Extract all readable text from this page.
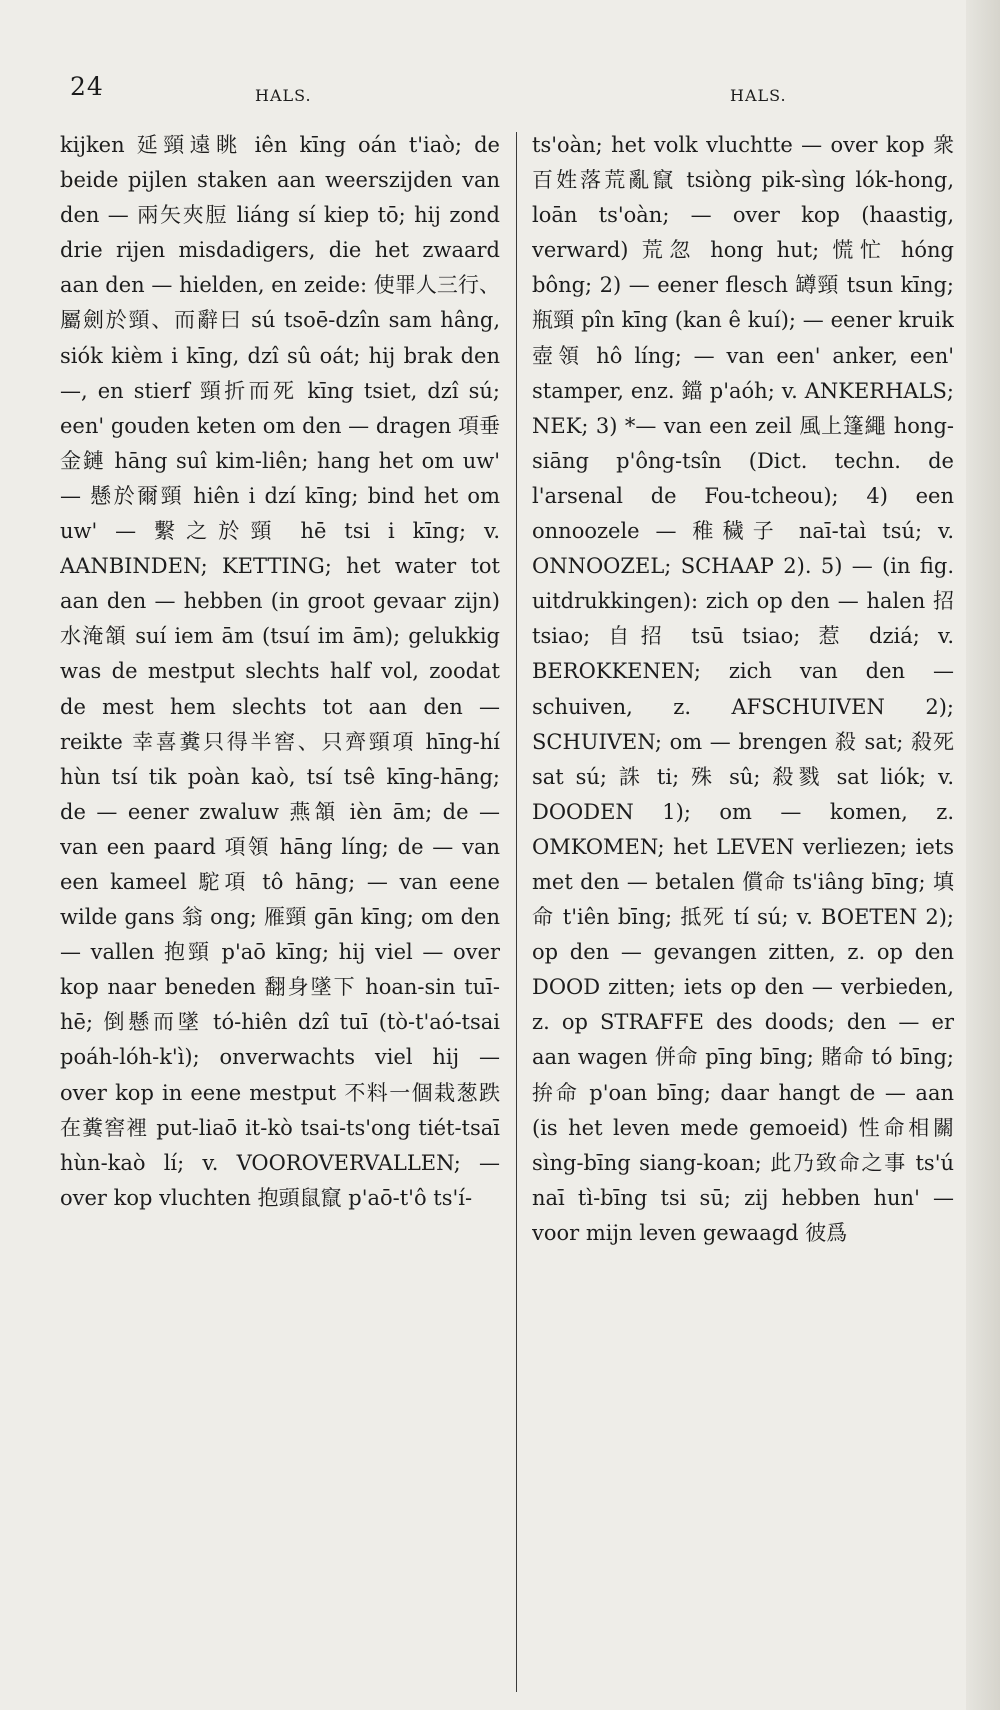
24	HALS.	HALS.

kijken 延頸遠眺 iên kīng oán t'iaò; de beide pijlen staken aan weerszijden van den — 兩矢夾脰 liáng sí kiep tō; hij zond drie rijen misdadigers, die het zwaard aan den — hielden, en zeide: 使罪人三行、屬劍於頸、而辭曰 sú tsoē-dzîn sam hâng, siók kièm i kīng, dzî sû oát; hij brak den —, en stierf 頸折而死 kīng tsiet, dzî sú; een' gouden keten om den — dragen 項垂金鏈 hāng suî kim-liên; hang het om uw' — 懸於爾頸 hiên i dzí kīng; bind het om uw' — 繫之於頸 hē tsi i kīng; v. AANBINDEN; KETTING; het water tot aan den — hebben (in groot gevaar zijn) 水淹頷 suí iem ām (tsuí im ām); gelukkig was de mestput slechts half vol, zoodat de mest hem slechts tot aan den — reikte 幸喜糞只得半窖、只齊頸項 hīng-hí hùn tsí tik poàn kaò, tsí tsê kīng-hāng; de — eener zwaluw 燕頷 ièn ām; de — van een paard 項領 hāng líng; de — van een kameel 駝項 tô hāng; — van eene wilde gans 翁 ong; 雁頸 gān kīng; om den — vallen 抱頸 p'aō kīng; hij viel — over kop naar beneden 翻身墜下 hoan-sin tuī-hē; 倒懸而墜 tó-hiên dzî tuī (tò-t'aó-tsai poáh-lóh-k'ì); onverwachts viel hij — over kop in eene mestput 不料一個栽葱跌在糞窖裡 put-liaō it-kò tsai-ts'ong tiét-tsaī hùn-kaò lí; v. VOOROVERVALLEN; — over kop vluchten 抱頭鼠竄 p'aō-t'ô ts'í-

ts'oàn; het volk vluchtte — over kop 衆百姓落荒亂竄 tsiòng pik-sìng lók-hong, loān ts'oàn; — over kop (haastig, verward) 荒忽 hong hut; 慌忙 hóng bông; 2) — eener flesch 罇頸 tsun kīng; 瓶頸 pîn kīng (kan ê kuí); — eener kruik 壺領 hô líng; — van een' anker, een' stamper, enz. 鐺 p'aóh; v. ANKERHALS; NEK; 3) *— van een zeil 風上篷繩 hong-siāng p'ông-tsîn (Dict. techn. de l'arsenal de Fou-tcheou); 4) een onnoozele — 稚穢子 naī-taì tsú; v. ONNOOZEL; SCHAAP 2). 5) — (in fig. uitdrukkingen): zich op den — halen 招 tsiao; 自招 tsū tsiao; 惹 dziá; v. BEROKKENEN; zich van den — schuiven, z. AFSCHUIVEN 2); SCHUIVEN; om — brengen 殺 sat; 殺死 sat sú; 誅 ti; 殊 sû; 殺戮 sat liók; v. DOODEN 1); om — komen, z. OMKOMEN; het LEVEN verliezen; iets met den — betalen 償命 ts'iâng bīng; 填命 t'iên bīng; 抵死 tí sú; v. BOETEN 2); op den — gevangen zitten, z. op den DOOD zitten; iets op den — verbieden, z. op STRAFFE des doods; den — er aan wagen 併命 pīng bīng; 賭命 tó bīng; 拚命 p'oan bīng; daar hangt de — aan (is het leven mede gemoeid) 性命相關 sìng-bīng siang-koan; 此乃致命之事 ts'ú naī tì-bīng tsi sū; zij hebben hun' — voor mijn leven gewaagd 彼爲
